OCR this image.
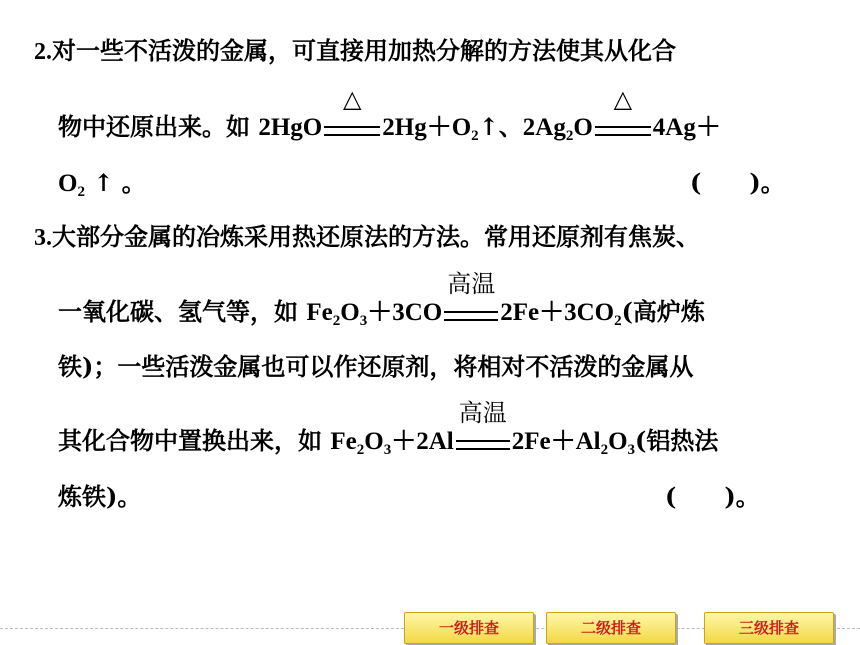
2.对一些不活泼的金属，可直接用加热分解的方法使其从化合
物中还原出来。如 2HgO
△
$2Hg+O_2↑$、$2Ag_2O$
△
4Ag＋
$O_2$ ↑ 。	(　　)。
3.大部分金属的冶炼采用热还原法的方法。常用还原剂有焦炭、
一氧化碳、氢气等，如 $Fe_2O_3+3CO$
高温
$2Fe+3CO_2$(高炉炼
铁)；一些活泼金属也可以作还原剂，将相对不活泼的金属从
其化合物中置换出来，如 $Fe_2O_3+2Al$
高温
$2Fe+Al_2O_3$(铝热法
炼铁)。	(　　)。
一级排查	二级排查	三级排查
